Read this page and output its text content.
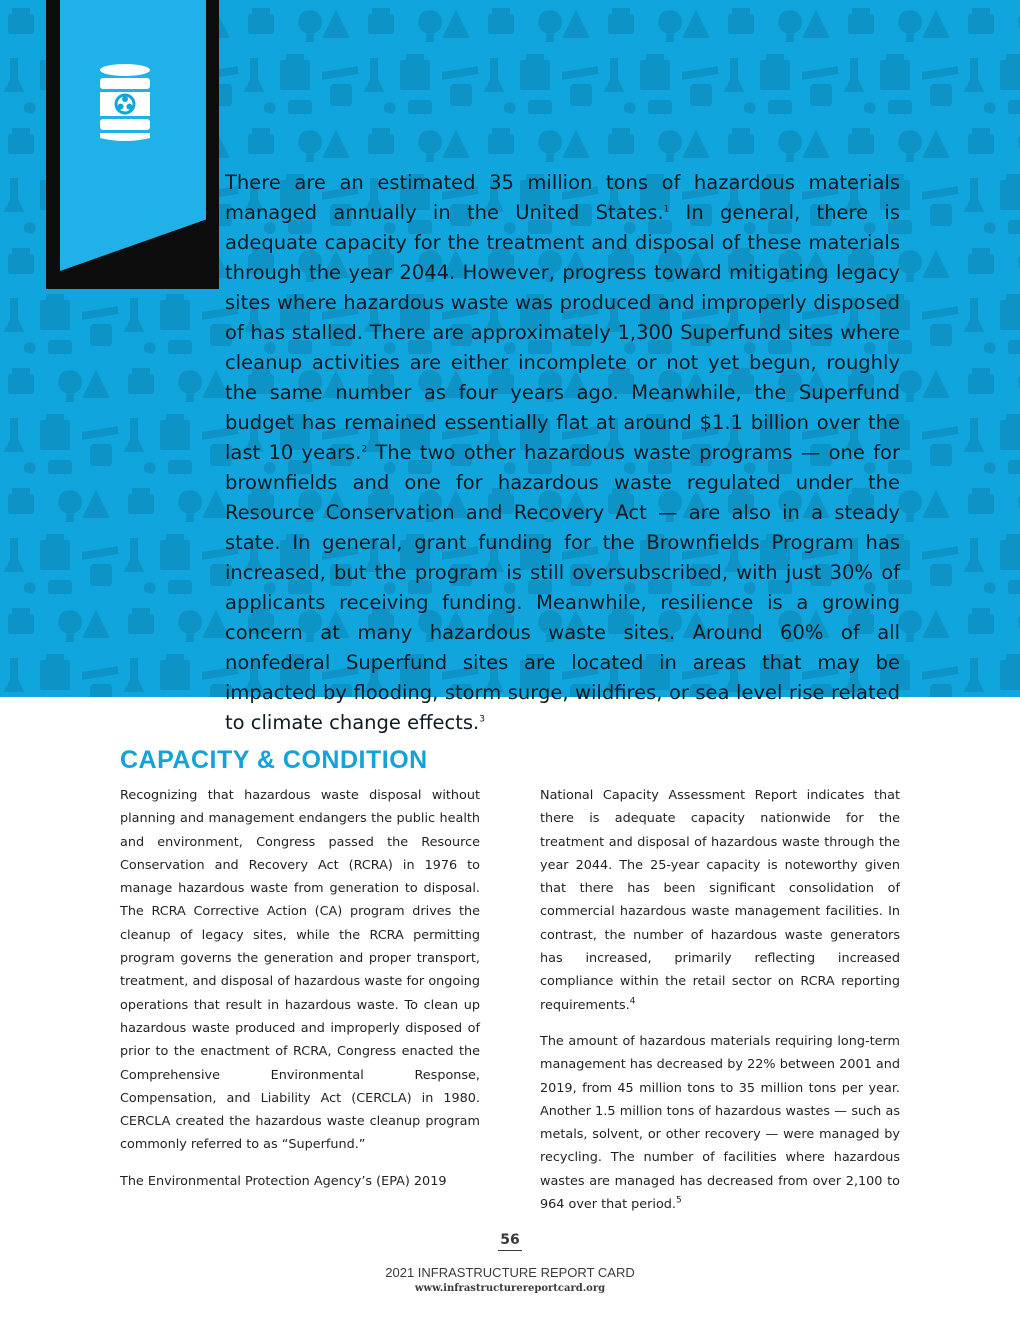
There are an estimated 35 million tons of hazardous materials managed annually in the United States.$^1$ In general, there is adequate capacity for the treatment and disposal of these materials through the year 2044. However, progress toward mitigating legacy sites where hazardous waste was produced and improperly disposed of has stalled. There are approximately 1,300 Superfund sites where cleanup activities are either incomplete or not yet begun, roughly the same number as four years ago. Meanwhile, the Superfund budget has remained essentially flat at around $1.1 billion over the last 10 years.$^2$ The two other hazardous waste programs — one for brownfields and one for hazardous waste regulated under the Resource Conservation and Recovery Act — are also in a steady state. In general, grant funding for the Brownfields Program has increased, but the program is still oversubscribed, with just 30% of applicants receiving funding. Meanwhile, resilience is a growing concern at many hazardous waste sites. Around 60% of all nonfederal Superfund sites are located in areas that may be impacted by flooding, storm surge, wildfires, or sea level rise related to climate change effects.$^3$

CAPACITY & CONDITION

Recognizing that hazardous waste disposal without planning and management endangers the public health and environment, Congress passed the Resource Conservation and Recovery Act (RCRA) in 1976 to manage hazardous waste from generation to disposal. The RCRA Corrective Action (CA) program drives the cleanup of legacy sites, while the RCRA permitting program governs the generation and proper transport, treatment, and disposal of hazardous waste for ongoing operations that result in hazardous waste. To clean up hazardous waste produced and improperly disposed of prior to the enactment of RCRA, Congress enacted the Comprehensive Environmental Response, Compensation, and Liability Act (CERCLA) in 1980. CERCLA created the hazardous waste cleanup program commonly referred to as “Superfund.”

The Environmental Protection Agency’s (EPA) 2019

National Capacity Assessment Report indicates that there is adequate capacity nationwide for the treatment and disposal of hazardous waste through the year 2044. The 25-year capacity is noteworthy given that there has been significant consolidation of commercial hazardous waste management facilities. In contrast, the number of hazardous waste generators has increased, primarily reflecting increased compliance within the retail sector on RCRA reporting requirements.$^4$

The amount of hazardous materials requiring long-term management has decreased by 22% between 2001 and 2019, from 45 million tons to 35 million tons per year. Another 1.5 million tons of hazardous wastes — such as metals, solvent, or other recovery — were managed by recycling. The number of facilities where hazardous wastes are managed has decreased from over 2,100 to 964 over that period.$^5$

56
2021 INFRASTRUCTURE REPORT CARD
www.infrastructurereportcard.org
